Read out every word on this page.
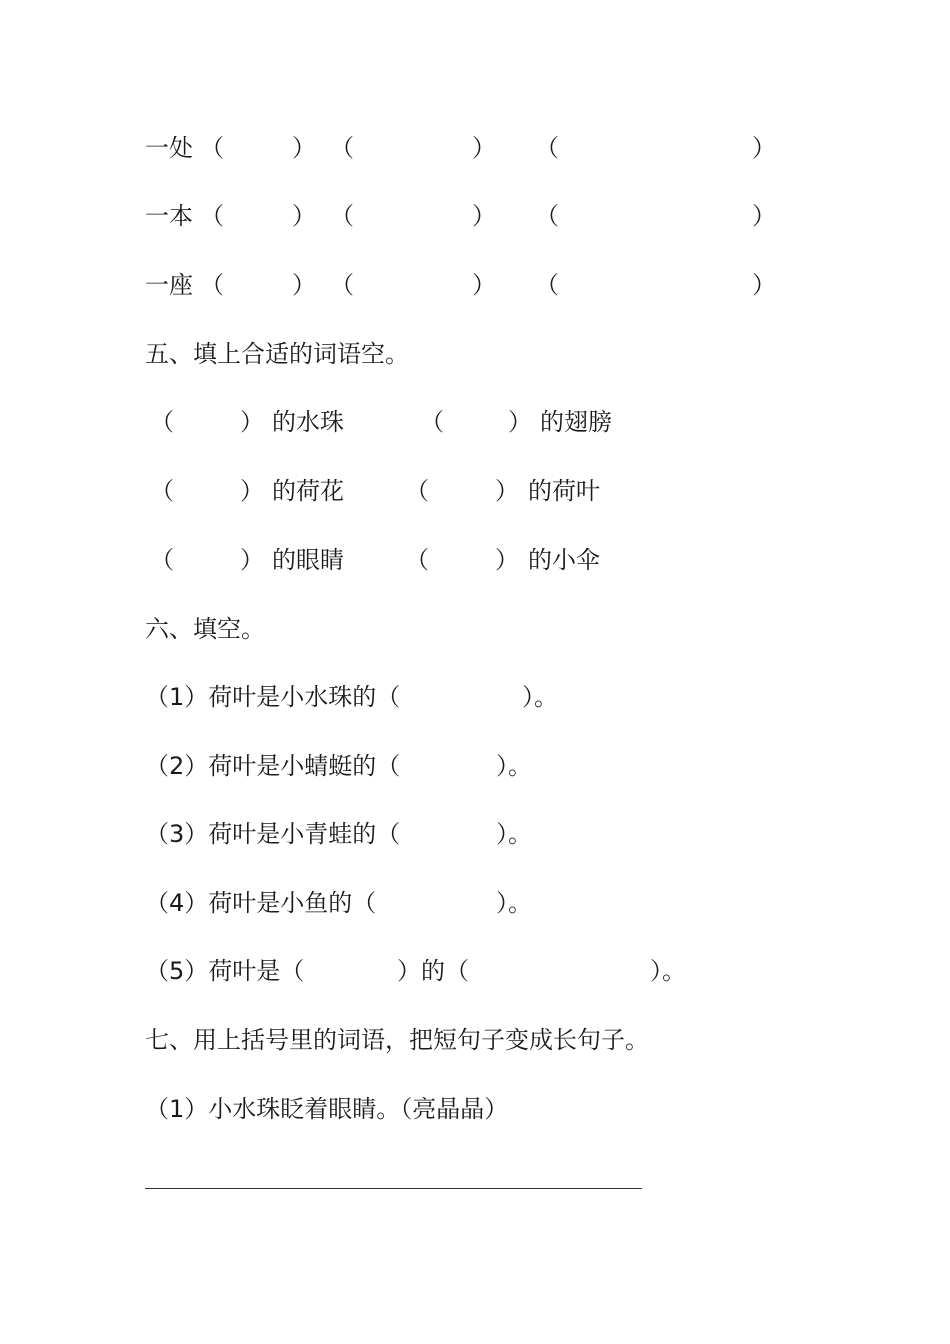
一处 （	） （	） （	）
一本 （	） （	） （	）
一座 （	） （	） （	）
五、填上合适的词语空。
（	） 的水珠	（	） 的翅膀
（	） 的荷花	（	） 的荷叶
（	） 的眼睛	（	） 的小伞
六、填空。
（1）荷叶是小水珠的（	）。
（2）荷叶是小蜻蜓的（	）。
（3）荷叶是小青蛙的（	）。
（4）荷叶是小鱼的（	）。
（5）荷叶是（	）的（	）。
七、用上括号里的词语，把短句子变成长句子。
（1）小水珠眨着眼睛。（亮晶晶）
